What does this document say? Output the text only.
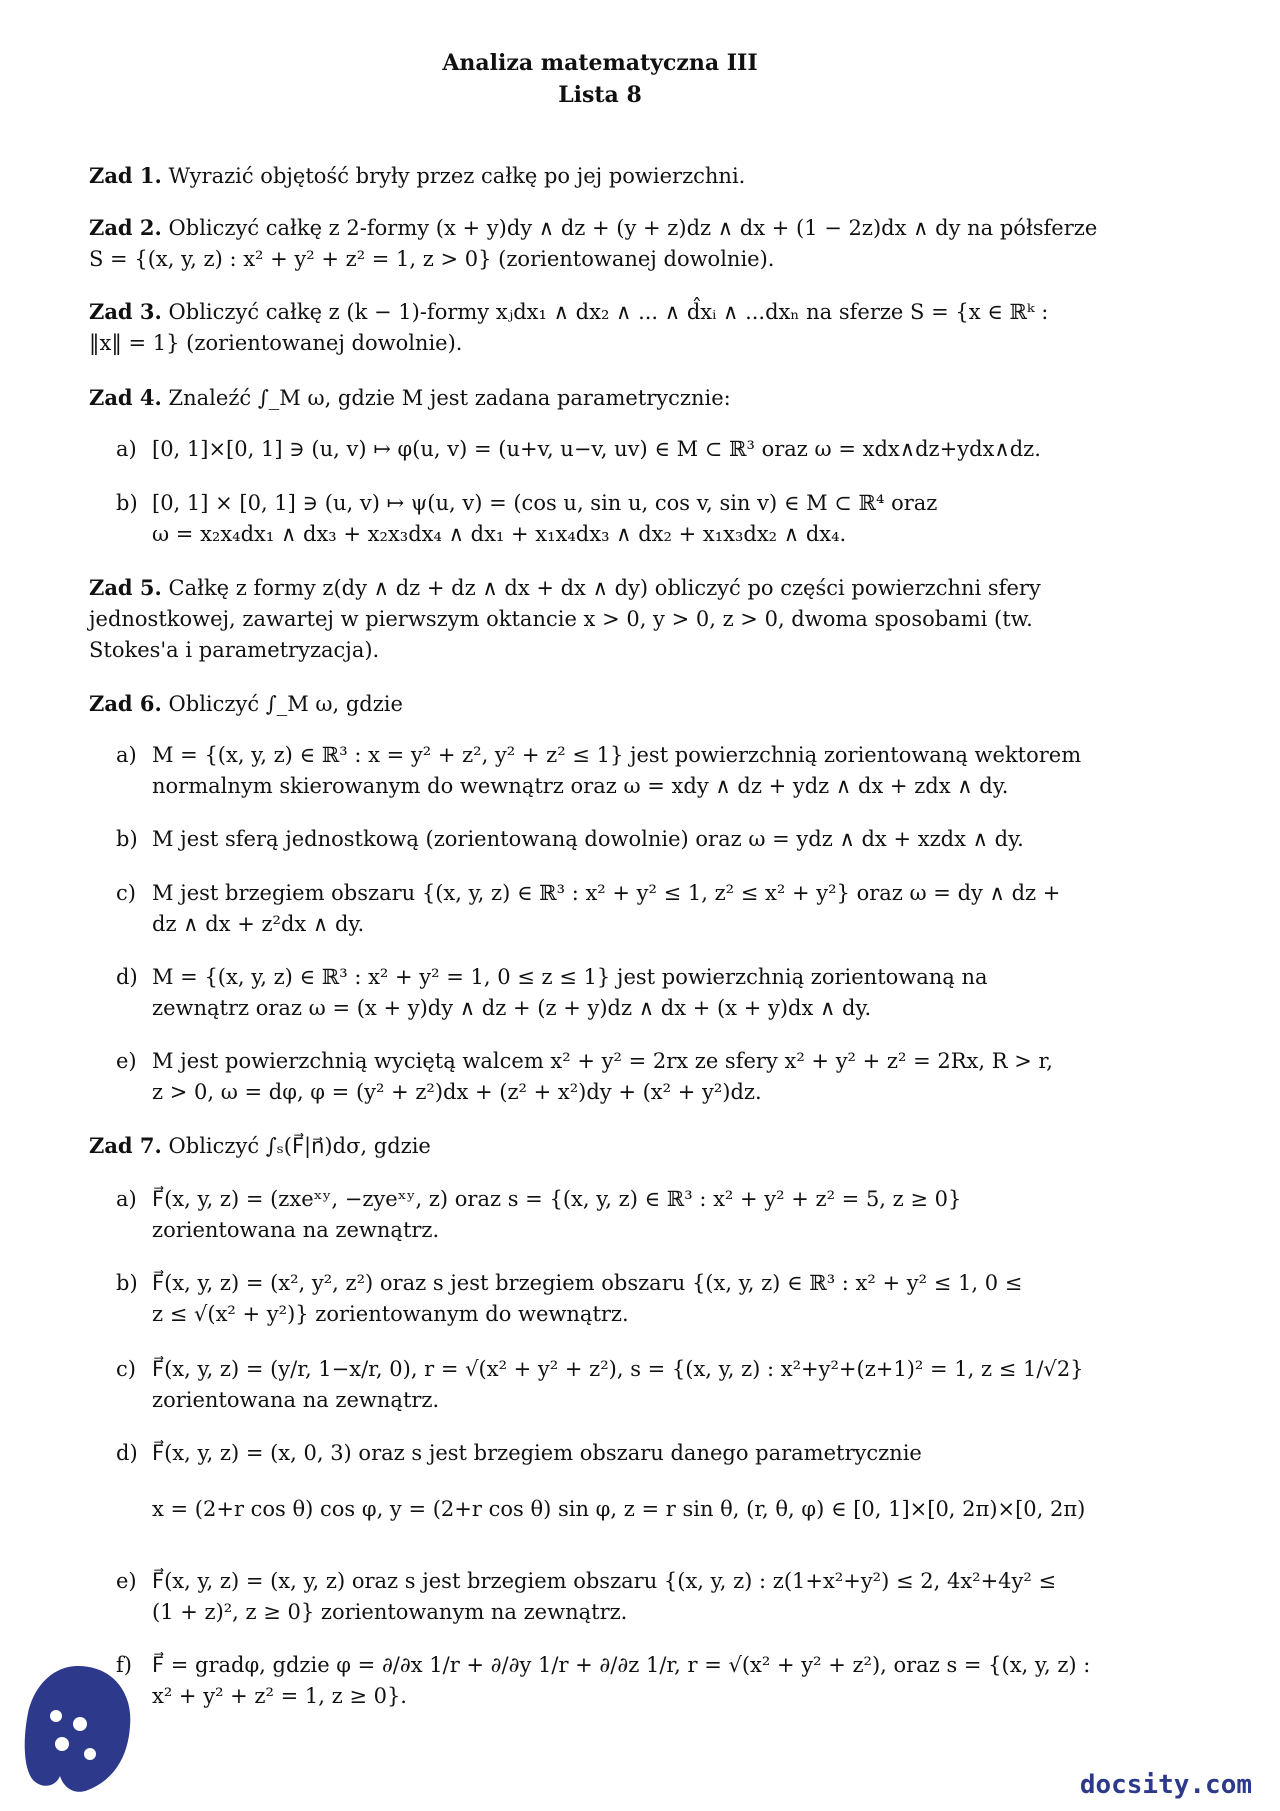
Analiza matematyczna III
Lista 8
Zad 1. Wyrazić objętość bryły przez całkę po jej powierzchni.
Zad 2. Obliczyć całkę z 2-formy (x + y)dy ∧ dz + (y + z)dz ∧ dx + (1 − 2z)dx ∧ dy na półsferze
S = {(x, y, z) : x² + y² + z² = 1, z > 0} (zorientowanej dowolnie).
Zad 3. Obliczyć całkę z (k − 1)-formy xⱼdx₁ ∧ dx₂ ∧ ... ∧ d̂xᵢ ∧ ...dxₙ na sferze S = {x ∈ ℝᵏ :
‖x‖ = 1} (zorientowanej dowolnie).
Zad 4. Znaleźć ∫_M ω, gdzie M jest zadana parametrycznie:
a) [0, 1]×[0, 1] ∋ (u, v) ↦ φ(u, v) = (u+v, u−v, uv) ∈ M ⊂ ℝ³ oraz ω = xdx∧dz+ydx∧dz.
b) [0, 1] × [0, 1] ∋ (u, v) ↦ ψ(u, v) = (cos u, sin u, cos v, sin v) ∈ M ⊂ ℝ⁴ oraz
ω = x₂x₄dx₁ ∧ dx₃ + x₂x₃dx₄ ∧ dx₁ + x₁x₄dx₃ ∧ dx₂ + x₁x₃dx₂ ∧ dx₄.
Zad 5. Całkę z formy z(dy ∧ dz + dz ∧ dx + dx ∧ dy) obliczyć po części powierzchni sfery
jednostkowej, zawartej w pierwszym oktancie x > 0, y > 0, z > 0, dwoma sposobami (tw.
Stokes'a i parametryzacja).
Zad 6. Obliczyć ∫_M ω, gdzie
a) M = {(x, y, z) ∈ ℝ³ : x = y² + z², y² + z² ≤ 1} jest powierzchnią zorientowaną wektorem
normalnym skierowanym do wewnątrz oraz ω = xdy ∧ dz + ydz ∧ dx + zdx ∧ dy.
b) M jest sferą jednostkową (zorientowaną dowolnie) oraz ω = ydz ∧ dx + xzdx ∧ dy.
c) M jest brzegiem obszaru {(x, y, z) ∈ ℝ³ : x² + y² ≤ 1, z² ≤ x² + y²} oraz ω = dy ∧ dz +
dz ∧ dx + z²dx ∧ dy.
d) M = {(x, y, z) ∈ ℝ³ : x² + y² = 1, 0 ≤ z ≤ 1} jest powierzchnią zorientowaną na
zewnątrz oraz ω = (x + y)dy ∧ dz + (z + y)dz ∧ dx + (x + y)dx ∧ dy.
e) M jest powierzchnią wyciętą walcem x² + y² = 2rx ze sfery x² + y² + z² = 2Rx, R > r,
z > 0, ω = dφ, φ = (y² + z²)dx + (z² + x²)dy + (x² + y²)dz.
Zad 7. Obliczyć ∫ₛ(F⃗|n⃗)dσ, gdzie
a) F⃗(x, y, z) = (zxeˣʸ, −zyeˣʸ, z) oraz s = {(x, y, z) ∈ ℝ³ : x² + y² + z² = 5, z ≥ 0}
zorientowana na zewnątrz.
b) F⃗(x, y, z) = (x², y², z²) oraz s jest brzegiem obszaru {(x, y, z) ∈ ℝ³ : x² + y² ≤ 1, 0 ≤
z ≤ √(x² + y²)} zorientowanym do wewnątrz.
c) F⃗(x, y, z) = (y/r, 1−x/r, 0), r = √(x² + y² + z²), s = {(x, y, z) : x²+y²+(z+1)² = 1, z ≤ 1/√2}
zorientowana na zewnątrz.
d) F⃗(x, y, z) = (x, 0, 3) oraz s jest brzegiem obszaru danego parametrycznie
x = (2+r cos θ) cos φ, y = (2+r cos θ) sin φ, z = r sin θ, (r, θ, φ) ∈ [0, 1]×[0, 2π)×[0, 2π)
e) F⃗(x, y, z) = (x, y, z) oraz s jest brzegiem obszaru {(x, y, z) : z(1+x²+y²) ≤ 2, 4x²+4y² ≤
(1 + z)², z ≥ 0} zorientowanym na zewnątrz.
f) F⃗ = gradφ, gdzie φ = ∂/∂x 1/r + ∂/∂y 1/r + ∂/∂z 1/r, r = √(x² + y² + z²), oraz s = {(x, y, z) :
x² + y² + z² = 1, z ≥ 0}.
docsity.com
